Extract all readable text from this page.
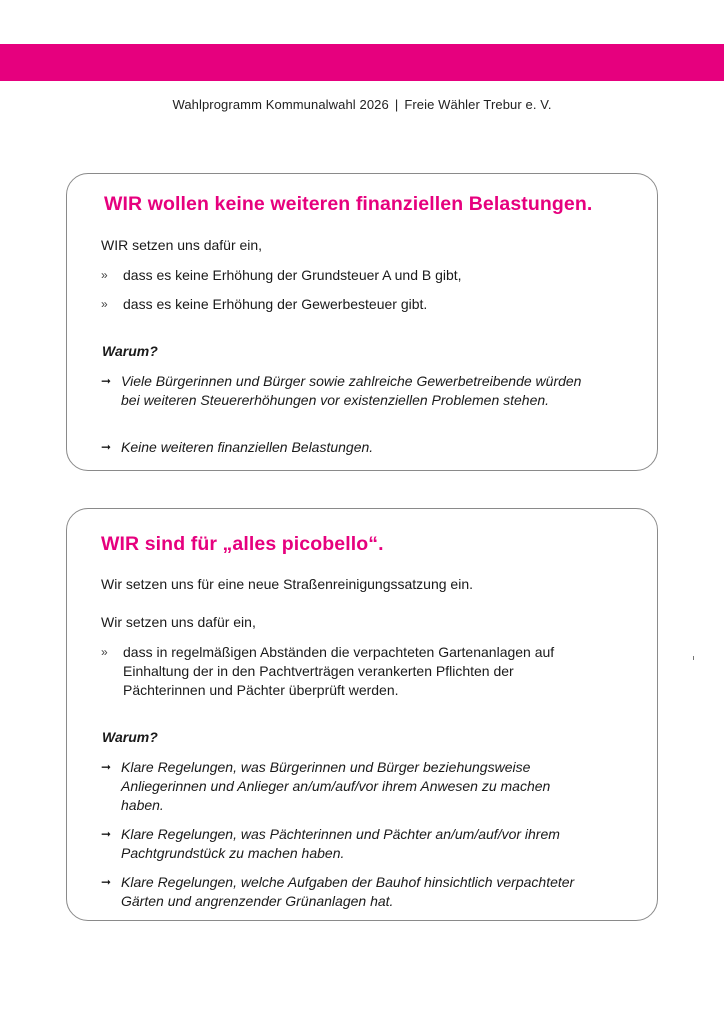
Wahlprogramm Kommunalwahl 2026 | Freie Wähler Trebur e. V.
WIR wollen keine weiteren finanziellen Belastungen.
WIR setzen uns dafür ein,
» dass es keine Erhöhung der Grundsteuer A und B gibt,
» dass es keine Erhöhung der Gewerbesteuer gibt.
Warum?
➞ Viele Bürgerinnen und Bürger sowie zahlreiche Gewerbetreibende würden bei weiteren Steuererhöhungen vor existenziellen Problemen stehen.
➞ Keine weiteren finanziellen Belastungen.
WIR sind für „alles picobello“.
Wir setzen uns für eine neue Straßenreinigungssatzung ein.
Wir setzen uns dafür ein,
» dass in regelmäßigen Abständen die verpachteten Gartenanlagen auf Einhaltung der in den Pachtverträgen verankerten Pflichten der Pächterinnen und Pächter überprüft werden.
Warum?
➞ Klare Regelungen, was Bürgerinnen und Bürger beziehungsweise Anliegerinnen und Anlieger an/um/auf/vor ihrem Anwesen zu machen haben.
➞ Klare Regelungen, was Pächterinnen und Pächter an/um/auf/vor ihrem Pachtgrundstück zu machen haben.
➞ Klare Regelungen, welche Aufgaben der Bauhof hinsichtlich verpachteter Gärten und angrenzender Grünanlagen hat.
